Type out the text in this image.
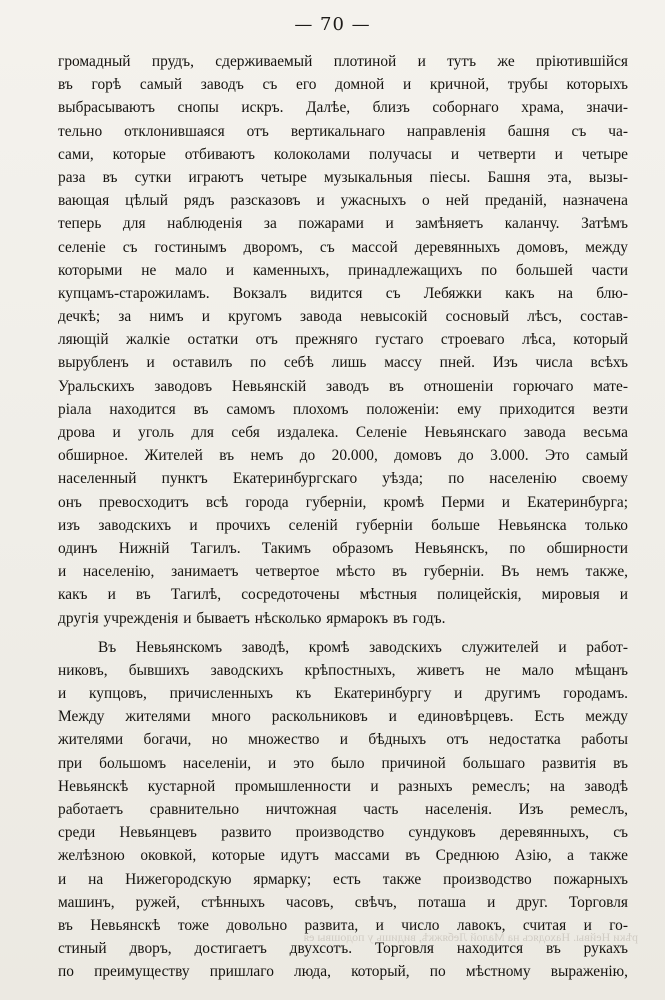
— 70 —
громадный прудъ, сдерживаемый плотиной и тутъ же пріютившійся
въ горѣ самый заводъ съ его домной и кричной, трубы которыхъ
выбрасываютъ снопы искръ. Далѣе, близъ соборнаго храма, значи-
тельно отклонившаяся отъ вертикальнаго направленія башня съ ча-
сами, которые отбиваютъ колоколами получасы и четверти и четыре
раза въ сутки играютъ четыре музыкальныя піесы. Башня эта, вызы-
вающая цѣлый рядъ разсказовъ и ужасныхъ о ней преданій, назначена
теперь для наблюденія за пожарами и замѣняетъ каланчу. Затѣмъ
селеніе съ гостинымъ дворомъ, съ массой деревянныхъ домовъ, между
которыми не мало и каменныхъ, принадлежащихъ по большей части
купцамъ-старожиламъ. Вокзалъ видится съ Лебяжки какъ на блю-
дечкѣ; за нимъ и кругомъ завода невысокій сосновый лѣсъ, состав-
ляющій жалкіе остатки отъ прежняго густаго строеваго лѣса, который
вырубленъ и оставилъ по себѣ лишь массу пней. Изъ числа всѣхъ
Уральскихъ заводовъ Невьянскій заводъ въ отношеніи горючаго мате-
ріала находится въ самомъ плохомъ положеніи: ему приходится везти
дрова и уголь для себя издалека. Селеніе Невьянскаго завода весьма
обширное. Жителей въ немъ до 20.000, домовъ до 3.000. Это самый
населенный пунктъ Екатеринбургскаго уѣзда; по населенію своему
онъ превосходитъ всѣ города губерніи, кромѣ Перми и Екатеринбурга;
изъ заводскихъ и прочихъ селеній губерніи больше Невьянска только
одинъ Нижній Тагилъ. Такимъ образомъ Невьянскъ, по обширности
и населенію, занимаетъ четвертое мѣсто въ губерніи. Въ немъ также,
какъ и въ Тагилѣ, сосредоточены мѣстныя полицейскія, мировыя и
другія учрежденія и бываетъ нѣсколько ярмарокъ въ годъ.
Въ Невьянскомъ заводѣ, кромѣ заводскихъ служителей и работ-
никовъ, бывшихъ заводскихъ крѣпостныхъ, живетъ не мало мѣщанъ
и купцовъ, причисленныхъ къ Екатеринбургу и другимъ городамъ.
Между жителями много раскольниковъ и единовѣрцевъ. Есть между
жителями богачи, но множество и бѣдныхъ отъ недостатка работы
при большомъ населеніи, и это было причиной большаго развитія въ
Невьянскѣ кустарной промышленности и разныхъ ремеслъ; на заводѣ
работаетъ сравнительно ничтожная часть населенія. Изъ ремеслъ,
среди Невьянцевъ развито производство сундуковъ деревянныхъ, съ
желѣзною оковкой, которые идутъ массами въ Среднюю Азію, а также
и на Нижегородскую ярмарку; есть также производство пожарныхъ
машинъ, ружей, стѣнныхъ часовъ, свѣчъ, поташа и друг. Торговля
въ Невьянскѣ тоже довольно развита, и число лавокъ, считая и го-
стиный дворъ, достигаетъ двухсотъ. Торговля находится въ рукахъ
по преимуществу пришлаго люда, который, по мѣстному выраженію,
рѣки Нейвы. Находясь на Малой Лебяжкѣ, видишь у подошвы ея
